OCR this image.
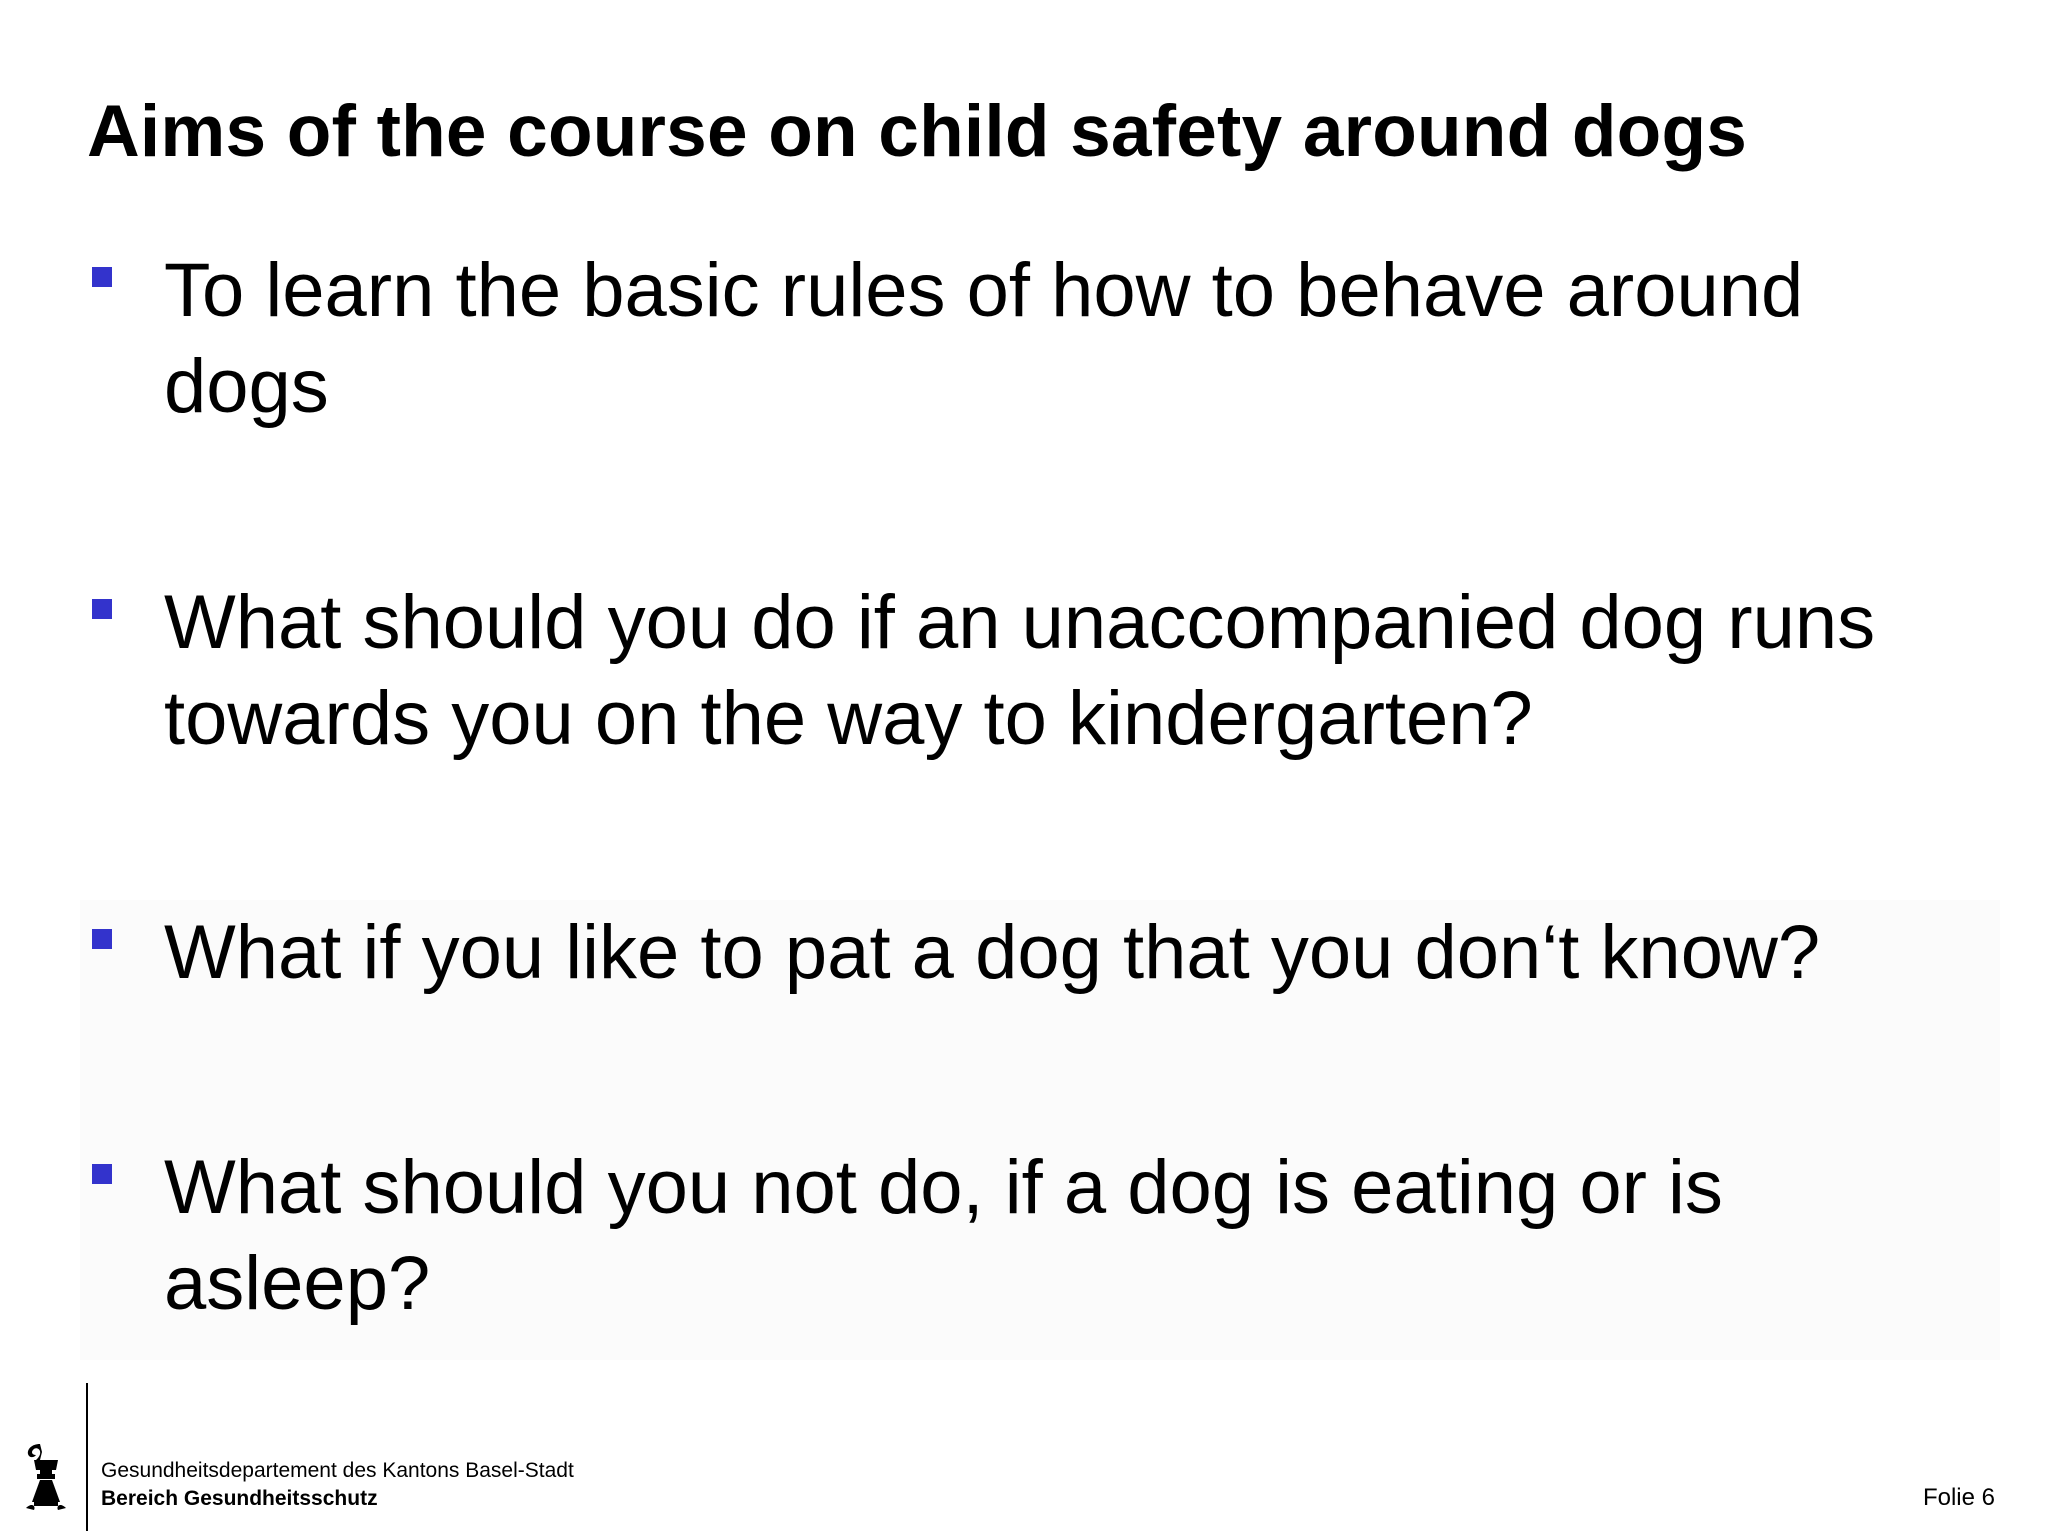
Aims of the course on child safety around dogs
To learn the basic rules of how to behave around
dogs
What should you do if an unaccompanied dog runs
towards you on the way to kindergarten?
What if you like to pat a dog that you don‘t know?
What should you not do, if a dog is eating or is
asleep?
Gesundheitsdepartement des Kantons Basel-Stadt
Bereich Gesundheitsschutz	Folie 6
